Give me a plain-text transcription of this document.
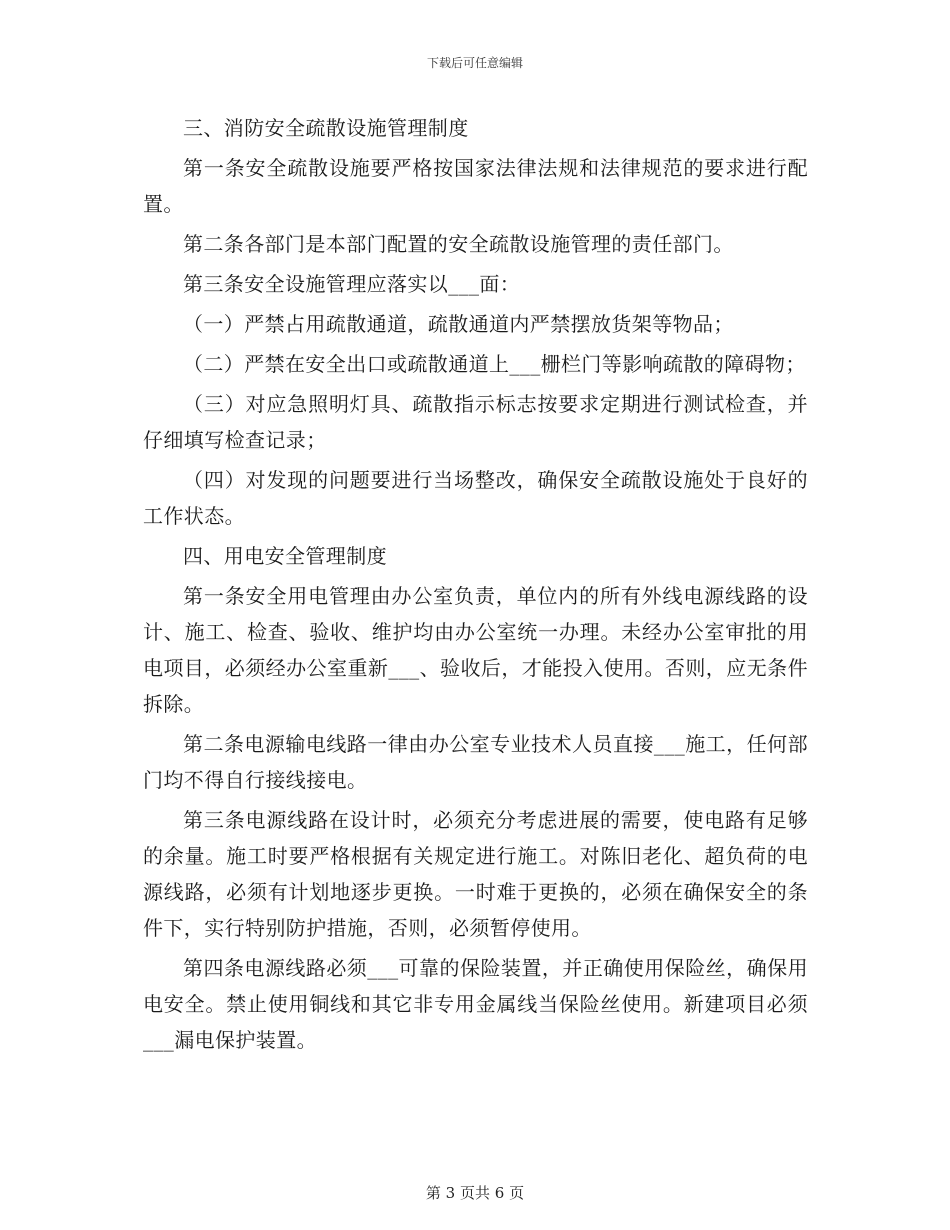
下载后可任意编辑

三、消防安全疏散设施管理制度

第一条安全疏散设施要严格按国家法律法规和法律规范的要求进行配置。

第二条各部门是本部门配置的安全疏散设施管理的责任部门。

第三条安全设施管理应落实以___面：

（一）严禁占用疏散通道，疏散通道内严禁摆放货架等物品；

（二）严禁在安全出口或疏散通道上___栅栏门等影响疏散的障碍物；

（三）对应急照明灯具、疏散指示标志按要求定期进行测试检查，并仔细填写检查记录；

（四）对发现的问题要进行当场整改，确保安全疏散设施处于良好的工作状态。

四、用电安全管理制度

第一条安全用电管理由办公室负责，单位内的所有外线电源线路的设计、施工、检查、验收、维护均由办公室统一办理。未经办公室审批的用电项目，必须经办公室重新___、验收后，才能投入使用。否则，应无条件拆除。

第二条电源输电线路一律由办公室专业技术人员直接___施工，任何部门均不得自行接线接电。

第三条电源线路在设计时，必须充分考虑进展的需要，使电路有足够的余量。施工时要严格根据有关规定进行施工。对陈旧老化、超负荷的电源线路，必须有计划地逐步更换。一时难于更换的，必须在确保安全的条件下，实行特别防护措施，否则，必须暂停使用。

第四条电源线路必须___可靠的保险装置，并正确使用保险丝，确保用电安全。禁止使用铜线和其它非专用金属线当保险丝使用。新建项目必须___漏电保护装置。

第 3 页共 6 页
